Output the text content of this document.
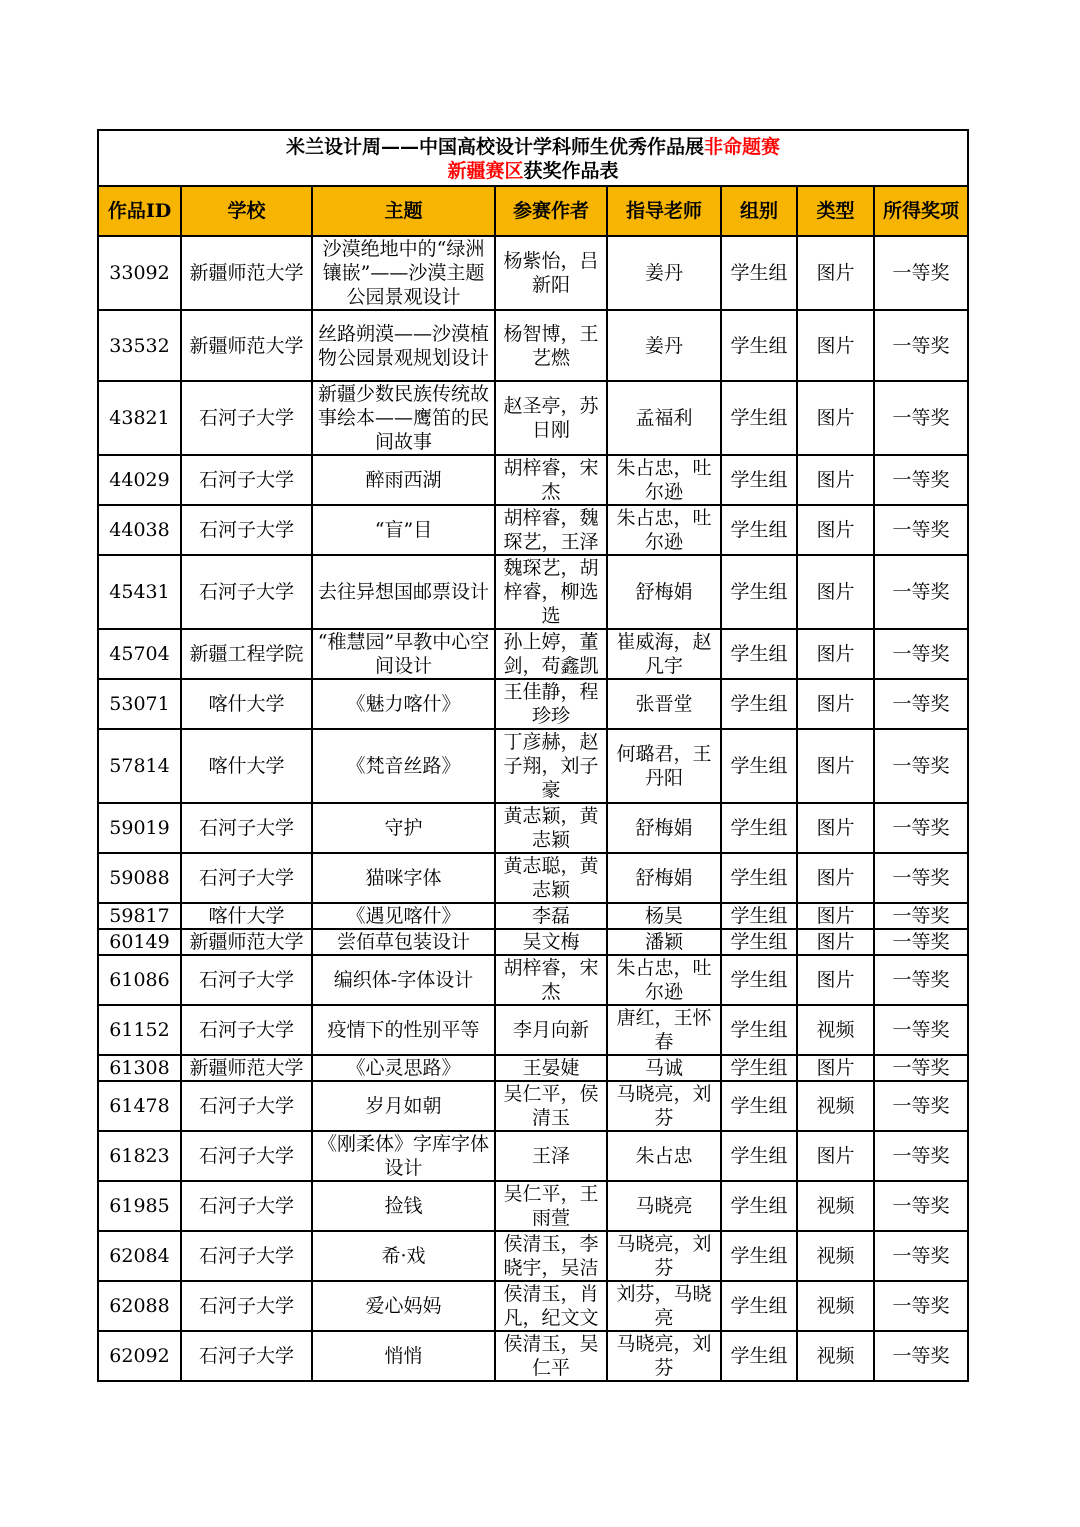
米兰设计周——中国高校设计学科师生优秀作品展非命题赛
新疆赛区获奖作品表							
作品ID	学校	主题	参赛作者	指导老师	组别	类型	所得奖项
33092	新疆师范大学	沙漠绝地中的“绿洲镶嵌”——沙漠主题公园景观设计	杨紫怡，吕新阳	姜丹	学生组	图片	一等奖
33532	新疆师范大学	丝路朔漠——沙漠植物公园景观规划设计	杨智博，王艺燃	姜丹	学生组	图片	一等奖
43821	石河子大学	新疆少数民族传统故事绘本——鹰笛的民间故事	赵圣亭，苏日刚	孟福利	学生组	图片	一等奖
44029	石河子大学	醉雨西湖	胡梓睿，宋杰	朱占忠，吐尔逊	学生组	图片	一等奖
44038	石河子大学	“盲”目	胡梓睿，魏琛艺，王泽	朱占忠，吐尔逊	学生组	图片	一等奖
45431	石河子大学	去往异想国邮票设计	魏琛艺，胡梓睿，柳选选	舒梅娟	学生组	图片	一等奖
45704	新疆工程学院	“稚慧园”早教中心空间设计	孙上婷，董剑，苟鑫凯	崔威海，赵凡宇	学生组	图片	一等奖
53071	喀什大学	《魅力喀什》	王佳静，程珍珍	张晋堂	学生组	图片	一等奖
57814	喀什大学	《梵音丝路》	丁彦赫，赵子翔，刘子豪	何璐君，王丹阳	学生组	图片	一等奖
59019	石河子大学	守护	黄志颖，黄志颖	舒梅娟	学生组	图片	一等奖
59088	石河子大学	猫咪字体	黄志聪，黄志颖	舒梅娟	学生组	图片	一等奖
59817	喀什大学	《遇见喀什》	李磊	杨昊	学生组	图片	一等奖
60149	新疆师范大学	尝佰草包装设计	吴文梅	潘颖	学生组	图片	一等奖
61086	石河子大学	编织体-字体设计	胡梓睿，宋杰	朱占忠，吐尔逊	学生组	图片	一等奖
61152	石河子大学	疫情下的性别平等	李月向新	唐红，王怀春	学生组	视频	一等奖
61308	新疆师范大学	《心灵思路》	王晏婕	马诚	学生组	图片	一等奖
61478	石河子大学	岁月如朝	吴仁平，侯清玉	马晓亮，刘芬	学生组	视频	一等奖
61823	石河子大学	《刚柔体》字库字体设计	王泽	朱占忠	学生组	图片	一等奖
61985	石河子大学	捡钱	吴仁平，王雨萱	马晓亮	学生组	视频	一等奖
62084	石河子大学	希·戏	侯清玉，李晓宇，吴洁	马晓亮，刘芬	学生组	视频	一等奖
62088	石河子大学	爱心妈妈	侯清玉，肖凡，纪文文	刘芬，马晓亮	学生组	视频	一等奖
62092	石河子大学	悄悄	侯清玉，吴仁平	马晓亮，刘芬	学生组	视频	一等奖
